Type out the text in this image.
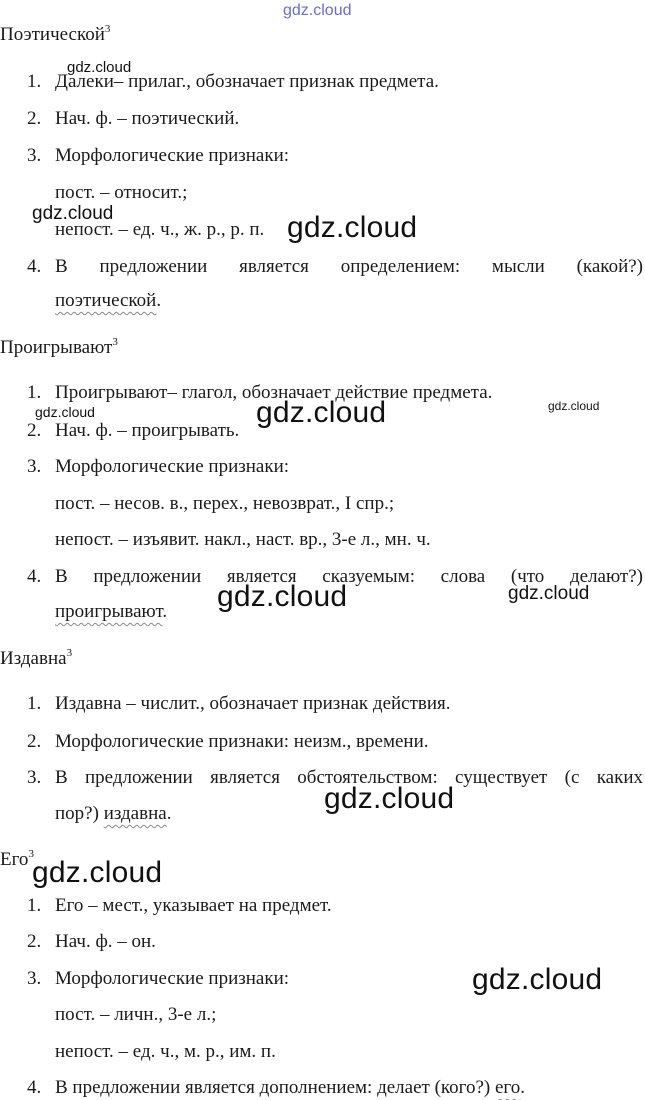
gdz.cloud
Поэтической$^3$
1. Далеки– прилаг., обозначает признак предмета.
2. Нач. ф. – поэтический.
3. Морфологические признаки:
пост. – относит.;
непост. – ед. ч., ж. р., р. п.
4. В предложении является определением: мысли (какой?)
поэтической.
Проигрывают$^3$
1. Проигрывают– глагол, обозначает действие предмета.
2. Нач. ф. – проигрывать.
3. Морфологические признаки:
пост. – несов. в., перех., невозврат., I спр.;
непост. – изъявит. накл., наст. вр., 3-е л., мн. ч.
4. В предложении является сказуемым: слова (что делают?)
проигрывают.
Издавна$^3$
1. Издавна – числит., обозначает признак действия.
2. Морфологические признаки: неизм., времени.
3. В предложении является обстоятельством: существует (с каких
пор?) издавна.
Его$^3$
1. Его – мест., указывает на предмет.
2. Нач. ф. – он.
3. Морфологические признаки:
пост. – личн., 3-е л.;
непост. – ед. ч., м. р., им. п.
4. В предложении является дополнением: делает (кого?) его.
gdz.cloud
gdz.cloud	gdz.cloud
gdz.cloud	gdz.cloud	gdz.cloud
gdz.cloud	gdz.cloud
gdz.cloud
gdz.cloud
gdz.cloud
